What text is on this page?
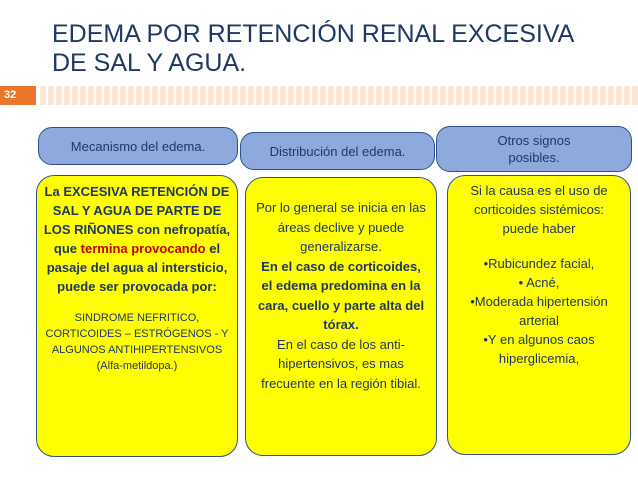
EDEMA POR RETENCIÓN RENAL EXCESIVA
DE SAL Y AGUA.
32
Mecanismo del edema.	Distribución del edema.
Otros signos
posibles.
La EXCESIVA RETENCIÓN DE SAL Y AGUA DE PARTE DE LOS RIÑONES con nefropatía, que termina provocando el pasaje del agua al intersticio, puede ser provocada por:
SINDROME NEFRITICO, CORTICOIDES – ESTRÓGENOS - Y ALGUNOS ANTIHIPERTENSIVOS (Alfa-metildopa.)
Por lo general se inicia en las áreas declive y puede generalizarse.
En el caso de corticoides, el edema predomina en la cara, cuello y parte alta del tórax.
En el caso de los anti-hipertensivos, es mas frecuente en la región tibial.
Si la causa es el uso de corticoides sistémicos:
puede haber
•Rubicundez facial,
• Acné,
•Moderada hipertensión arterial
•Y en algunos caos hiperglicemia,
